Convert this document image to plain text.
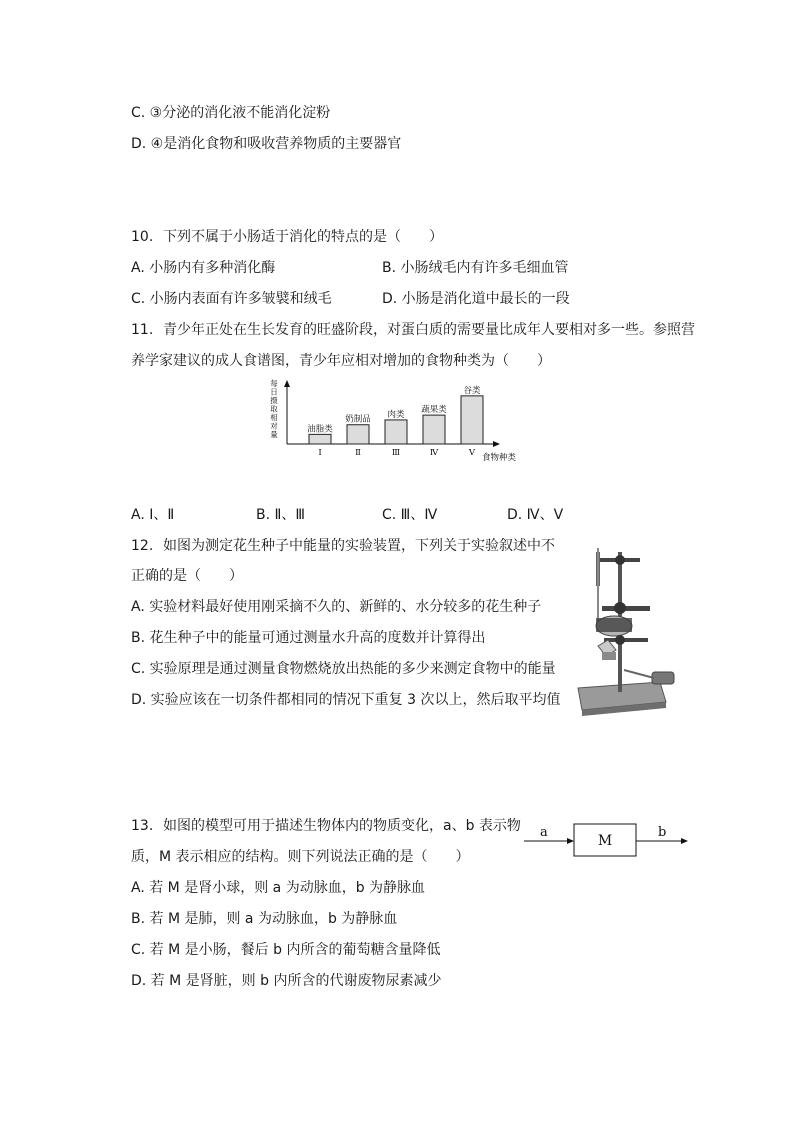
C. ③分泌的消化液不能消化淀粉
D. ④是消化食物和吸收营养物质的主要器官
10. 下列不属于小肠适于消化的特点的是（　　）
A. 小肠内有多种消化酶	B. 小肠绒毛内有许多毛细血管
C. 小肠内表面有许多皱襞和绒毛	D. 小肠是消化道中最长的一段
11. 青少年正处在生长发育的旺盛阶段，对蛋白质的需要量比成年人要相对多一些。参照营
养学家建议的成人食谱图，青少年应相对增加的食物种类为（　　）
每
日
摄
取
相
对
量
食物种类
油脂类
Ⅰ
奶制品
Ⅱ
肉类
Ⅲ
蔬果类
Ⅳ
谷类
Ⅴ
A. Ⅰ、Ⅱ	B. Ⅱ、Ⅲ	C. Ⅲ、Ⅳ	D. Ⅳ、Ⅴ
12. 如图为测定花生种子中能量的实验装置，下列关于实验叙述中不
正确的是（　　）
A. 实验材料最好使用刚采摘不久的、新鲜的、水分较多的花生种子
B. 花生种子中的能量可通过测量水升高的度数并计算得出
C. 实验原理是通过测量食物燃烧放出热能的多少来测定食物中的能量
D. 实验应该在一切条件都相同的情况下重复 3 次以上，然后取平均值
13. 如图的模型可用于描述生物体内的物质变化，a、b 表示物
质，M 表示相应的结构。则下列说法正确的是（　　）
A. 若 M 是肾小球，则 a 为动脉血，b 为静脉血
B. 若 M 是肺，则 a 为动脉血，b 为静脉血
C. 若 M 是小肠，餐后 b 内所含的葡萄糖含量降低
D. 若 M 是肾脏，则 b 内所含的代谢废物尿素减少
a
M
b
